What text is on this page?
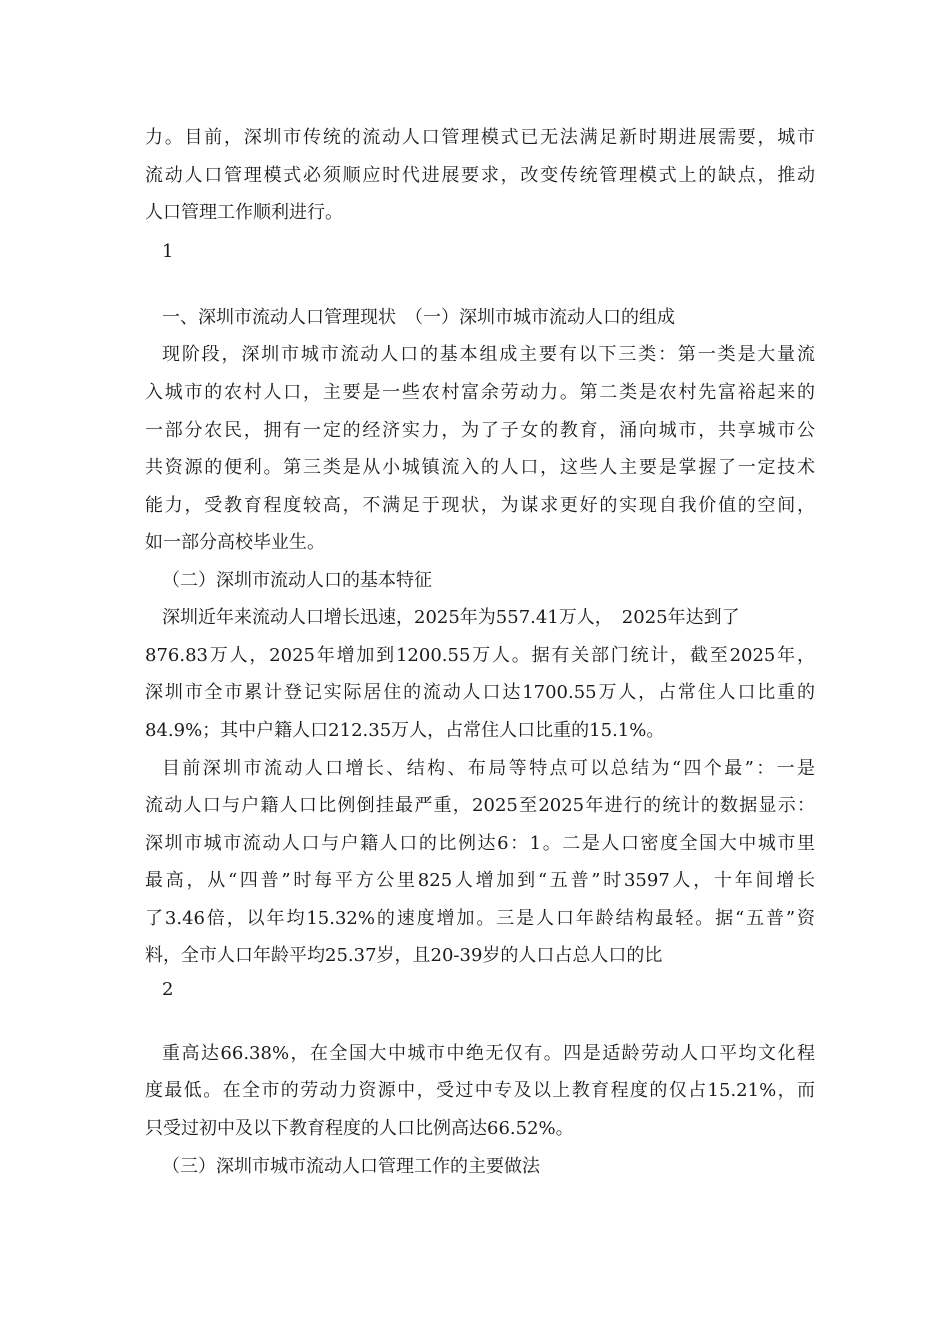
力。目前，深圳市传统的流动人口管理模式已无法满足新时期进展需要，城市
流动人口管理模式必须顺应时代进展要求，改变传统管理模式上的缺点，推动
人口管理工作顺利进行。
1
一、深圳市流动人口管理现状　（一）深圳市城市流动人口的组成
现阶段，深圳市城市流动人口的基本组成主要有以下三类：第一类是大量流
入城市的农村人口，主要是一些农村富余劳动力。第二类是农村先富裕起来的
一部分农民，拥有一定的经济实力，为了子女的教育，涌向城市，共享城市公
共资源的便利。第三类是从小城镇流入的人口，这些人主要是掌握了一定技术
能力，受教育程度较高，不满足于现状，为谋求更好的实现自我价值的空间，
如一部分高校毕业生。
（二）深圳市流动人口的基本特征
深圳近年来流动人口增长迅速，2025年为557.41万人，　2025年达到了
876.83万人，2025年增加到1200.55万人。据有关部门统计，截至2025年，
深圳市全市累计登记实际居住的流动人口达1700.55万人，占常住人口比重的
84.9%；其中户籍人口212.35万人，占常住人口比重的15.1%。
目前深圳市流动人口增长、结构、布局等特点可以总结为“四个最”：一是
流动人口与户籍人口比例倒挂最严重，2025至2025年进行的统计的数据显示：
深圳市城市流动人口与户籍人口的比例达6：1。二是人口密度全国大中城市里
最高，从“四普”时每平方公里825人增加到“五普”时3597人，十年间增长
了3.46倍，以年均15.32%的速度增加。三是人口年龄结构最轻。据“五普”资
料，全市人口年龄平均25.37岁，且20-39岁的人口占总人口的比
2
重高达66.38%，在全国大中城市中绝无仅有。四是适龄劳动人口平均文化程
度最低。在全市的劳动力资源中，受过中专及以上教育程度的仅占15.21%，而
只受过初中及以下教育程度的人口比例高达66.52%。
（三）深圳市城市流动人口管理工作的主要做法
